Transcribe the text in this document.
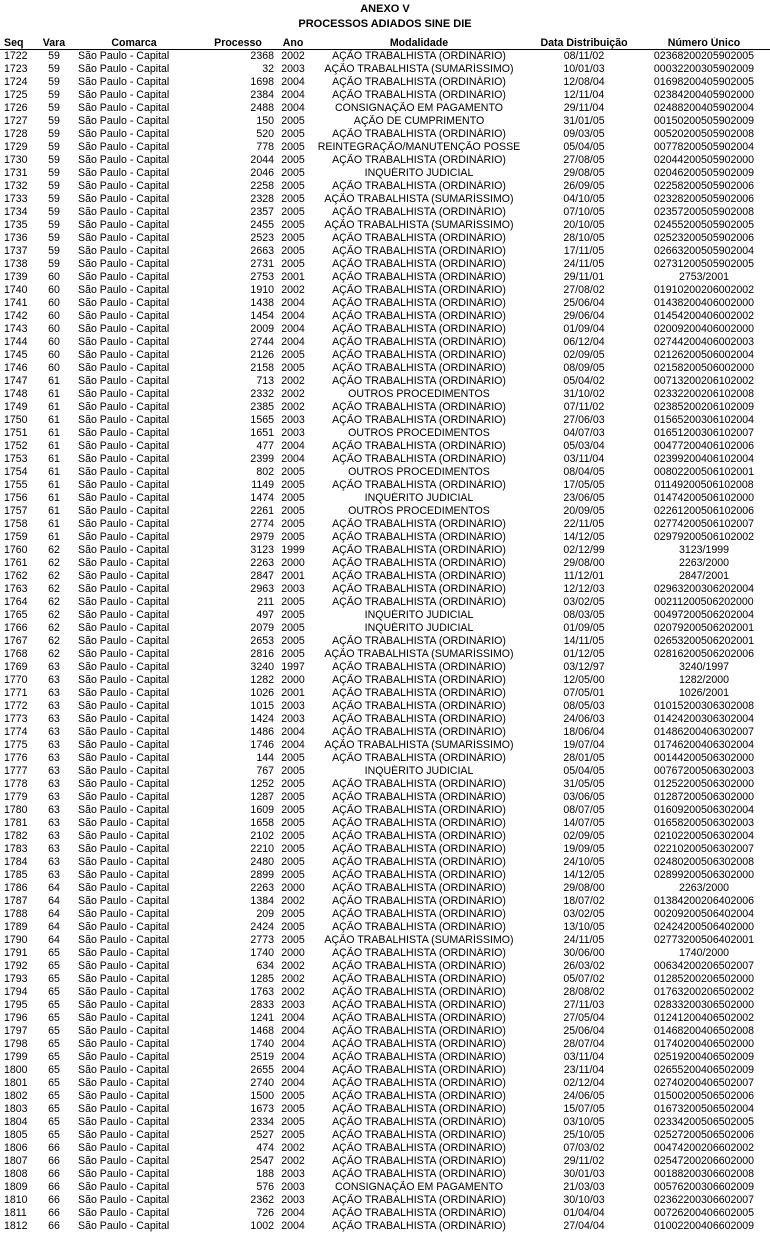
ANEXO V
PROCESSOS ADIADOS SINE DIE
Seq	Vara	Comarca	Processo	Ano	Modalidade	Data Distribuição	Número Único
1722	59	São Paulo - Capital	2368	2002	AÇÃO TRABALHISTA (ORDINÁRIO)	08/11/02	02368200205902005
1723	59	São Paulo - Capital	32	2003	AÇÃO TRABALHISTA (SUMARÍSSIMO)	10/01/03	00032200305902009
1724	59	São Paulo - Capital	1698	2004	AÇÃO TRABALHISTA (ORDINÁRIO)	12/08/04	01698200405902005
1725	59	São Paulo - Capital	2384	2004	AÇÃO TRABALHISTA (ORDINÁRIO)	12/11/04	02384200405902000
1726	59	São Paulo - Capital	2488	2004	CONSIGNAÇÃO EM PAGAMENTO	29/11/04	02488200405902004
1727	59	São Paulo - Capital	150	2005	AÇÃO DE CUMPRIMENTO	31/01/05	00150200505902009
1728	59	São Paulo - Capital	520	2005	AÇÃO TRABALHISTA (ORDINÁRIO)	09/03/05	00520200505902008
1729	59	São Paulo - Capital	778	2005	REINTEGRAÇÃO/MANUTENÇÃO POSSE	05/04/05	00778200505902004
1730	59	São Paulo - Capital	2044	2005	AÇÃO TRABALHISTA (ORDINÁRIO)	27/08/05	02044200505902000
1731	59	São Paulo - Capital	2046	2005	INQUÉRITO JUDICIAL	29/08/05	02046200505902009
1732	59	São Paulo - Capital	2258	2005	AÇÃO TRABALHISTA (ORDINÁRIO)	26/09/05	02258200505902006
1733	59	São Paulo - Capital	2328	2005	AÇÃO TRABALHISTA (SUMARÍSSIMO)	04/10/05	02328200505902006
1734	59	São Paulo - Capital	2357	2005	AÇÃO TRABALHISTA (ORDINÁRIO)	07/10/05	02357200505902008
1735	59	São Paulo - Capital	2455	2005	AÇÃO TRABALHISTA (SUMARÍSSIMO)	20/10/05	02455200505902005
1736	59	São Paulo - Capital	2523	2005	AÇÃO TRABALHISTA (ORDINÁRIO)	28/10/05	02523200505902006
1737	59	São Paulo - Capital	2663	2005	AÇÃO TRABALHISTA (ORDINÁRIO)	17/11/05	02663200505902004
1738	59	São Paulo - Capital	2731	2005	AÇÃO TRABALHISTA (ORDINÁRIO)	24/11/05	02731200505902005
1739	60	São Paulo - Capital	2753	2001	AÇÃO TRABALHISTA (ORDINÁRIO)	29/11/01	2753/2001
1740	60	São Paulo - Capital	1910	2002	AÇÃO TRABALHISTA (ORDINÁRIO)	27/08/02	01910200206002002
1741	60	São Paulo - Capital	1438	2004	AÇÃO TRABALHISTA (ORDINÁRIO)	25/06/04	01438200406002000
1742	60	São Paulo - Capital	1454	2004	AÇÃO TRABALHISTA (ORDINÁRIO)	29/06/04	01454200406002002
1743	60	São Paulo - Capital	2009	2004	AÇÃO TRABALHISTA (ORDINÁRIO)	01/09/04	02009200406002000
1744	60	São Paulo - Capital	2744	2004	AÇÃO TRABALHISTA (ORDINÁRIO)	06/12/04	02744200406002003
1745	60	São Paulo - Capital	2126	2005	AÇÃO TRABALHISTA (ORDINÁRIO)	02/09/05	02126200506002004
1746	60	São Paulo - Capital	2158	2005	AÇÃO TRABALHISTA (ORDINÁRIO)	08/09/05	02158200506002000
1747	61	São Paulo - Capital	713	2002	AÇÃO TRABALHISTA (ORDINÁRIO)	05/04/02	00713200206102002
1748	61	São Paulo - Capital	2332	2002	OUTROS PROCEDIMENTOS	31/10/02	02332200206102008
1749	61	São Paulo - Capital	2385	2002	AÇÃO TRABALHISTA (ORDINÁRIO)	07/11/02	02385200206102009
1750	61	São Paulo - Capital	1565	2003	AÇÃO TRABALHISTA (ORDINÁRIO)	27/06/03	01565200306102004
1751	61	São Paulo - Capital	1651	2003	OUTROS PROCEDIMENTOS	04/07/03	01651200306102007
1752	61	São Paulo - Capital	477	2004	AÇÃO TRABALHISTA (ORDINÁRIO)	05/03/04	00477200406102006
1753	61	São Paulo - Capital	2399	2004	AÇÃO TRABALHISTA (ORDINÁRIO)	03/11/04	02399200406102004
1754	61	São Paulo - Capital	802	2005	OUTROS PROCEDIMENTOS	08/04/05	00802200506102001
1755	61	São Paulo - Capital	1149	2005	AÇÃO TRABALHISTA (ORDINÁRIO)	17/05/05	01149200506102008
1756	61	São Paulo - Capital	1474	2005	INQUÉRITO JUDICIAL	23/06/05	01474200506102000
1757	61	São Paulo - Capital	2261	2005	OUTROS PROCEDIMENTOS	20/09/05	02261200506102006
1758	61	São Paulo - Capital	2774	2005	AÇÃO TRABALHISTA (ORDINÁRIO)	22/11/05	02774200506102007
1759	61	São Paulo - Capital	2979	2005	AÇÃO TRABALHISTA (ORDINÁRIO)	14/12/05	02979200506102002
1760	62	São Paulo - Capital	3123	1999	AÇÃO TRABALHISTA (ORDINÁRIO)	02/12/99	3123/1999
1761	62	São Paulo - Capital	2263	2000	AÇÃO TRABALHISTA (ORDINÁRIO)	29/08/00	2263/2000
1762	62	São Paulo - Capital	2847	2001	AÇÃO TRABALHISTA (ORDINÁRIO)	11/12/01	2847/2001
1763	62	São Paulo - Capital	2963	2003	AÇÃO TRABALHISTA (ORDINÁRIO)	12/12/03	02963200306202004
1764	62	São Paulo - Capital	211	2005	AÇÃO TRABALHISTA (ORDINÁRIO)	03/02/05	00211200506202000
1765	62	São Paulo - Capital	497	2005	INQUÉRITO JUDICIAL	08/03/05	00497200506202004
1766	62	São Paulo - Capital	2079	2005	INQUÉRITO JUDICIAL	01/09/05	02079200506202001
1767	62	São Paulo - Capital	2653	2005	AÇÃO TRABALHISTA (ORDINÁRIO)	14/11/05	02653200506202001
1768	62	São Paulo - Capital	2816	2005	AÇÃO TRABALHISTA (SUMARÍSSIMO)	01/12/05	02816200506202006
1769	63	São Paulo - Capital	3240	1997	AÇÃO TRABALHISTA (ORDINÁRIO)	03/12/97	3240/1997
1770	63	São Paulo - Capital	1282	2000	AÇÃO TRABALHISTA (ORDINÁRIO)	12/05/00	1282/2000
1771	63	São Paulo - Capital	1026	2001	AÇÃO TRABALHISTA (ORDINÁRIO)	07/05/01	1026/2001
1772	63	São Paulo - Capital	1015	2003	AÇÃO TRABALHISTA (ORDINÁRIO)	08/05/03	01015200306302008
1773	63	São Paulo - Capital	1424	2003	AÇÃO TRABALHISTA (ORDINÁRIO)	24/06/03	01424200306302004
1774	63	São Paulo - Capital	1486	2004	AÇÃO TRABALHISTA (ORDINÁRIO)	18/06/04	01486200406302007
1775	63	São Paulo - Capital	1746	2004	AÇÃO TRABALHISTA (SUMARÍSSIMO)	19/07/04	01746200406302004
1776	63	São Paulo - Capital	144	2005	AÇÃO TRABALHISTA (ORDINÁRIO)	28/01/05	00144200506302000
1777	63	São Paulo - Capital	767	2005	INQUÉRITO JUDICIAL	05/04/05	00767200506302003
1778	63	São Paulo - Capital	1252	2005	AÇÃO TRABALHISTA (ORDINÁRIO)	31/05/05	01252200506302000
1779	63	São Paulo - Capital	1287	2005	AÇÃO TRABALHISTA (ORDINÁRIO)	03/06/05	01287200506302000
1780	63	São Paulo - Capital	1609	2005	AÇÃO TRABALHISTA (ORDINÁRIO)	08/07/05	01609200506302004
1781	63	São Paulo - Capital	1658	2005	AÇÃO TRABALHISTA (ORDINÁRIO)	14/07/05	01658200506302003
1782	63	São Paulo - Capital	2102	2005	AÇÃO TRABALHISTA (ORDINÁRIO)	02/09/05	02102200506302004
1783	63	São Paulo - Capital	2210	2005	AÇÃO TRABALHISTA (ORDINÁRIO)	19/09/05	02210200506302007
1784	63	São Paulo - Capital	2480	2005	AÇÃO TRABALHISTA (ORDINÁRIO)	24/10/05	02480200506302008
1785	63	São Paulo - Capital	2899	2005	AÇÃO TRABALHISTA (ORDINÁRIO)	14/12/05	02899200506302000
1786	64	São Paulo - Capital	2263	2000	AÇÃO TRABALHISTA (ORDINÁRIO)	29/08/00	2263/2000
1787	64	São Paulo - Capital	1384	2002	AÇÃO TRABALHISTA (ORDINÁRIO)	18/07/02	01384200206402006
1788	64	São Paulo - Capital	209	2005	AÇÃO TRABALHISTA (ORDINÁRIO)	03/02/05	00209200506402004
1789	64	São Paulo - Capital	2424	2005	AÇÃO TRABALHISTA (ORDINÁRIO)	13/10/05	02424200506402000
1790	64	São Paulo - Capital	2773	2005	AÇÃO TRABALHISTA (SUMARÍSSIMO)	24/11/05	02773200506402001
1791	65	São Paulo - Capital	1740	2000	AÇÃO TRABALHISTA (ORDINÁRIO)	30/06/00	1740/2000
1792	65	São Paulo - Capital	634	2002	AÇÃO TRABALHISTA (ORDINÁRIO)	26/03/02	00634200206502007
1793	65	São Paulo - Capital	1285	2002	AÇÃO TRABALHISTA (ORDINÁRIO)	05/07/02	01285200206502000
1794	65	São Paulo - Capital	1763	2002	AÇÃO TRABALHISTA (ORDINÁRIO)	28/08/02	01763200206502002
1795	65	São Paulo - Capital	2833	2003	AÇÃO TRABALHISTA (ORDINÁRIO)	27/11/03	02833200306502000
1796	65	São Paulo - Capital	1241	2004	AÇÃO TRABALHISTA (ORDINÁRIO)	27/05/04	01241200406502002
1797	65	São Paulo - Capital	1468	2004	AÇÃO TRABALHISTA (ORDINÁRIO)	25/06/04	01468200406502008
1798	65	São Paulo - Capital	1740	2004	AÇÃO TRABALHISTA (ORDINÁRIO)	28/07/04	01740200406502000
1799	65	São Paulo - Capital	2519	2004	AÇÃO TRABALHISTA (ORDINÁRIO)	03/11/04	02519200406502009
1800	65	São Paulo - Capital	2655	2004	AÇÃO TRABALHISTA (ORDINÁRIO)	23/11/04	02655200406502009
1801	65	São Paulo - Capital	2740	2004	AÇÃO TRABALHISTA (ORDINÁRIO)	02/12/04	02740200406502007
1802	65	São Paulo - Capital	1500	2005	AÇÃO TRABALHISTA (ORDINÁRIO)	24/06/05	01500200506502006
1803	65	São Paulo - Capital	1673	2005	AÇÃO TRABALHISTA (ORDINÁRIO)	15/07/05	01673200506502004
1804	65	São Paulo - Capital	2334	2005	AÇÃO TRABALHISTA (ORDINÁRIO)	03/10/05	02334200506502005
1805	65	São Paulo - Capital	2527	2005	AÇÃO TRABALHISTA (ORDINÁRIO)	25/10/05	02527200506502006
1806	66	São Paulo - Capital	474	2002	AÇÃO TRABALHISTA (ORDINÁRIO)	07/03/02	00474200206602002
1807	66	São Paulo - Capital	2547	2002	AÇÃO TRABALHISTA (ORDINÁRIO)	29/11/02	02547200206602000
1808	66	São Paulo - Capital	188	2003	AÇÃO TRABALHISTA (ORDINÁRIO)	30/01/03	00188200306602008
1809	66	São Paulo - Capital	576	2003	CONSIGNAÇÃO EM PAGAMENTO	21/03/03	00576200306602009
1810	66	São Paulo - Capital	2362	2003	AÇÃO TRABALHISTA (ORDINÁRIO)	30/10/03	02362200306602007
1811	66	São Paulo - Capital	726	2004	AÇÃO TRABALHISTA (ORDINÁRIO)	01/04/04	00726200406602005
1812	66	São Paulo - Capital	1002	2004	AÇÃO TRABALHISTA (ORDINÁRIO)	27/04/04	01002200406602009
